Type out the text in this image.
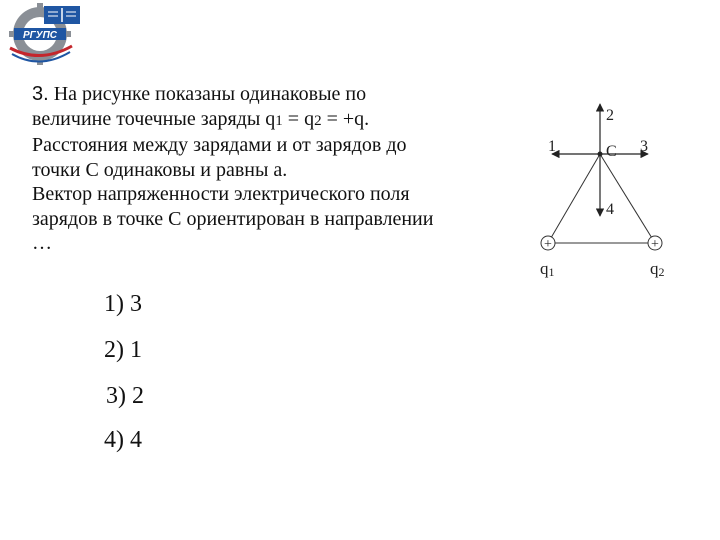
РГУПС
3. На рисунке показаны одинаковые по
величине точечные заряды q1 = q2 = +q.
Расстояния между зарядами и от зарядов до
точки С одинаковы и равны а.
Вектор напряженности электрического поля
зарядов в точке С ориентирован в направлении
…
1) 3
2) 1
3) 2
4) 4
C
1
2
3
4
+	+
q1	q2
